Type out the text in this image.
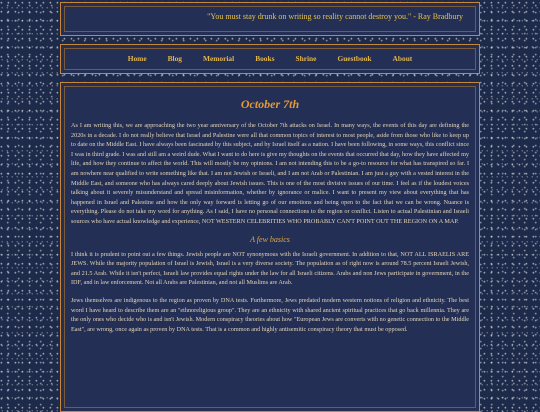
"You must stay drunk on writing so reality cannot destroy you." - Ray Bradbury
Home	Blog	Memorial	Books	Shrine	Guestbook	About
October 7th

As I am writing this, we are approaching the two year anniversary of the October 7th attacks on Israel. In many ways, the events of this day are defining the 2020s in a decade. I do not really believe that Israel and Palestine were all that common topics of interest to most people, aside from those who like to keep up to date on the Middle East. I have always been fascinated by this subject, and by Israel itself as a nation. I have been following, in some ways, this conflict since I was in third grade. I was and still am a weird dude. What I want to do here is give my thoughts on the events that occurred that day, how they have affected my life, and how they continue to affect the world. This will mostly be my opinions. I am not intending this to be a go-to resource for what has transpired so far. I am nowhere near qualified to write something like that. I am not Jewish or Israeli, and I am not Arab or Palestinian. I am just a guy with a vested interest in the Middle East, and someone who has always cared deeply about Jewish issues. This is one of the most divisive issues of our time. I feel as if the loudest voices talking about it severely misunderstand and spread misinformation, whether by ignorance or malice. I want to present my view about everything that has happened in Israel and Palestine and how the only way forward is letting go of our emotions and being open to the fact that we can be wrong. Nuance is everything. Please do not take my word for anything. As I said, I have no personal connections to the region or conflict. Listen to actual Palestinian and Israeli sources who have actual knowledge and experience, NOT WESTERN CELEBRITIES WHO PROBABLY CAN'T POINT OUT THE REGION ON A MAP.

A few basics

I think it is prudent to point out a few things. Jewish people are NOT synonymous with the Israeli government. In addition to that, NOT ALL ISRAELIS ARE JEWS. While the majority population of Israel is Jewish, Israel is a very diverse society. The population as of right now is around 78.5 percent Israeli Jewish, and 21.5 Arab. While it isn't perfect, Israeli law provides equal rights under the law for all Israeli citizens. Arabs and non Jews participate in government, in the IDF, and in law enforcement. Not all Arabs are Palestinian, and not all Muslims are Arab.

Jews themselves are indigenous to the region as proven by DNA tests. Furthermore, Jews predated modern western notions of religion and ethnicity. The best word I have heard to describe them are an "ethnoreligious group". They are an ethnicity with shared ancient spiritual practices that go back millennia. They are the only ones who decide who is and isn't Jewish. Modern conspiracy theories about how "European Jews are converts with no genetic connection to the Middle East", are wrong, once again as proven by DNA tests. That is a common and highly antisemitic conspiracy theory that must be opposed.
